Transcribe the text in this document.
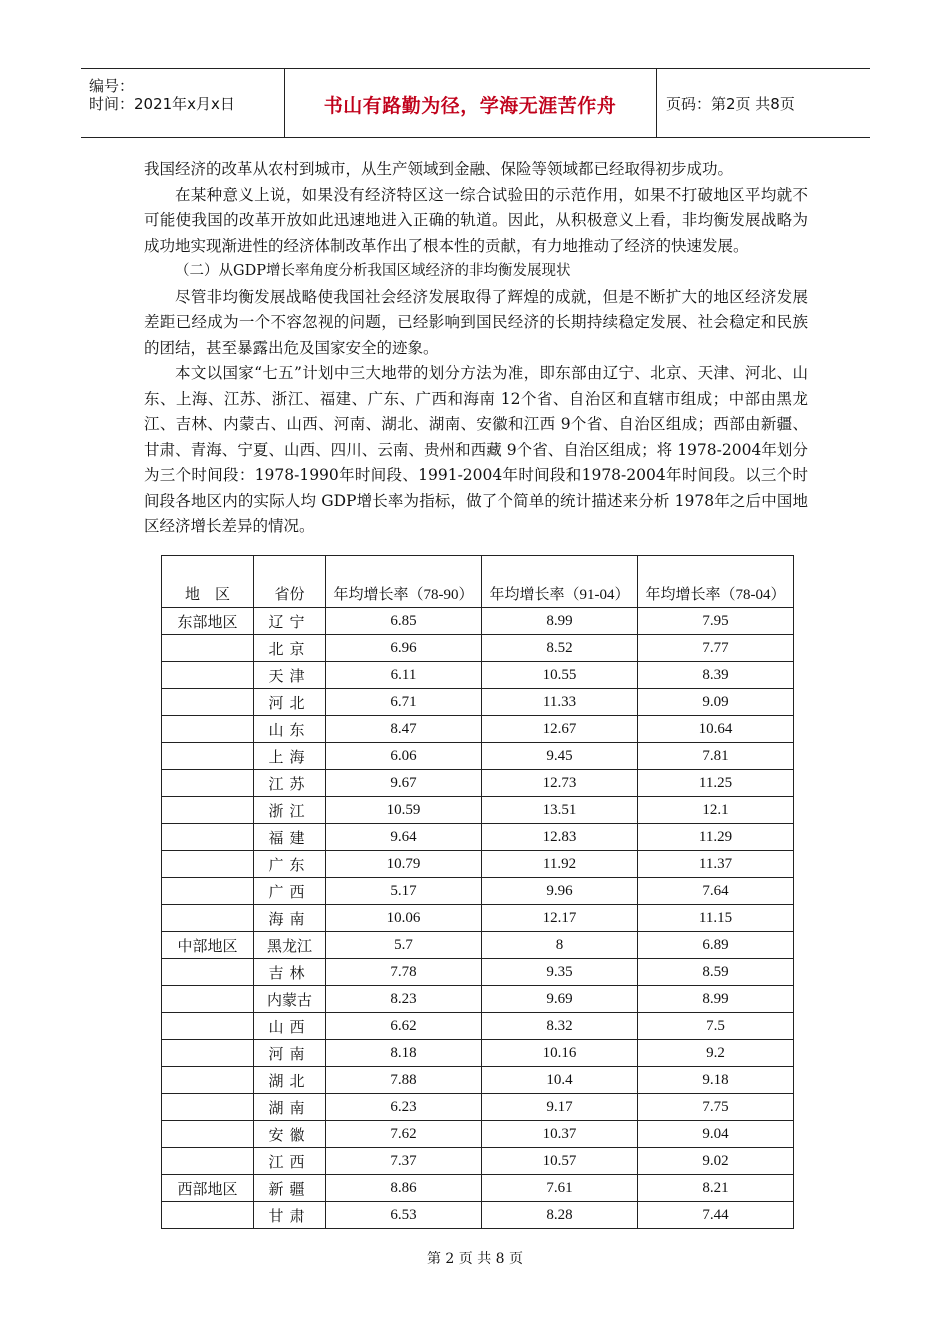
编号：
时间：2021年x月x日	书山有路勤为径，学海无涯苦作舟	页码：第2页 共8页

我国经济的改革从农村到城市，从生产领域到金融、保险等领域都已经取得初步成功。

在某种意义上说，如果没有经济特区这一综合试验田的示范作用，如果不打破地区平均就不可能使我国的改革开放如此迅速地进入正确的轨道。因此，从积极意义上看，非均衡发展战略为成功地实现渐进性的经济体制改革作出了根本性的贡献，有力地推动了经济的快速发展。

（二）从GDP增长率角度分析我国区域经济的非均衡发展现状

尽管非均衡发展战略使我国社会经济发展取得了辉煌的成就，但是不断扩大的地区经济发展差距已经成为一个不容忽视的问题，已经影响到国民经济的长期持续稳定发展、社会稳定和民族的团结，甚至暴露出危及国家安全的迹象。

本文以国家“七五”计划中三大地带的划分方法为准，即东部由辽宁、北京、天津、河北、山东、上海、江苏、浙江、福建、广东、广西和海南 12个省、自治区和直辖市组成；中部由黑龙江、吉林、内蒙古、山西、河南、湖北、湖南、安徽和江西 9个省、自治区组成；西部由新疆、甘肃、青海、宁夏、山西、四川、云南、贵州和西藏 9个省、自治区组成；将 1978-2004年划分为三个时间段：1978-1990年时间段、1991-2004年时间段和1978-2004年时间段。以三个时间段各地区内的实际人均 GDP增长率为指标，做了个简单的统计描述来分析 1978年之后中国地区经济增长差异的情况。

地　区	省份	年均增长率（78-90）	年均增长率（91-04）	年均增长率（78-04）
东部地区	辽宁	6.85	8.99	7.95
	北京	6.96	8.52	7.77
	天津	6.11	10.55	8.39
	河北	6.71	11.33	9.09
	山东	8.47	12.67	10.64
	上海	6.06	9.45	7.81
	江苏	9.67	12.73	11.25
	浙江	10.59	13.51	12.1
	福建	9.64	12.83	11.29
	广东	10.79	11.92	11.37
	广西	5.17	9.96	7.64
	海南	10.06	12.17	11.15
中部地区	黑龙江	5.7	8	6.89
	吉林	7.78	9.35	8.59
	内蒙古	8.23	9.69	8.99
	山西	6.62	8.32	7.5
	河南	8.18	10.16	9.2
	湖北	7.88	10.4	9.18
	湖南	6.23	9.17	7.75
	安徽	7.62	10.37	9.04
	江西	7.37	10.57	9.02
西部地区	新疆	8.86	7.61	8.21
	甘肃	6.53	8.28	7.44
第 2 页 共 8 页
